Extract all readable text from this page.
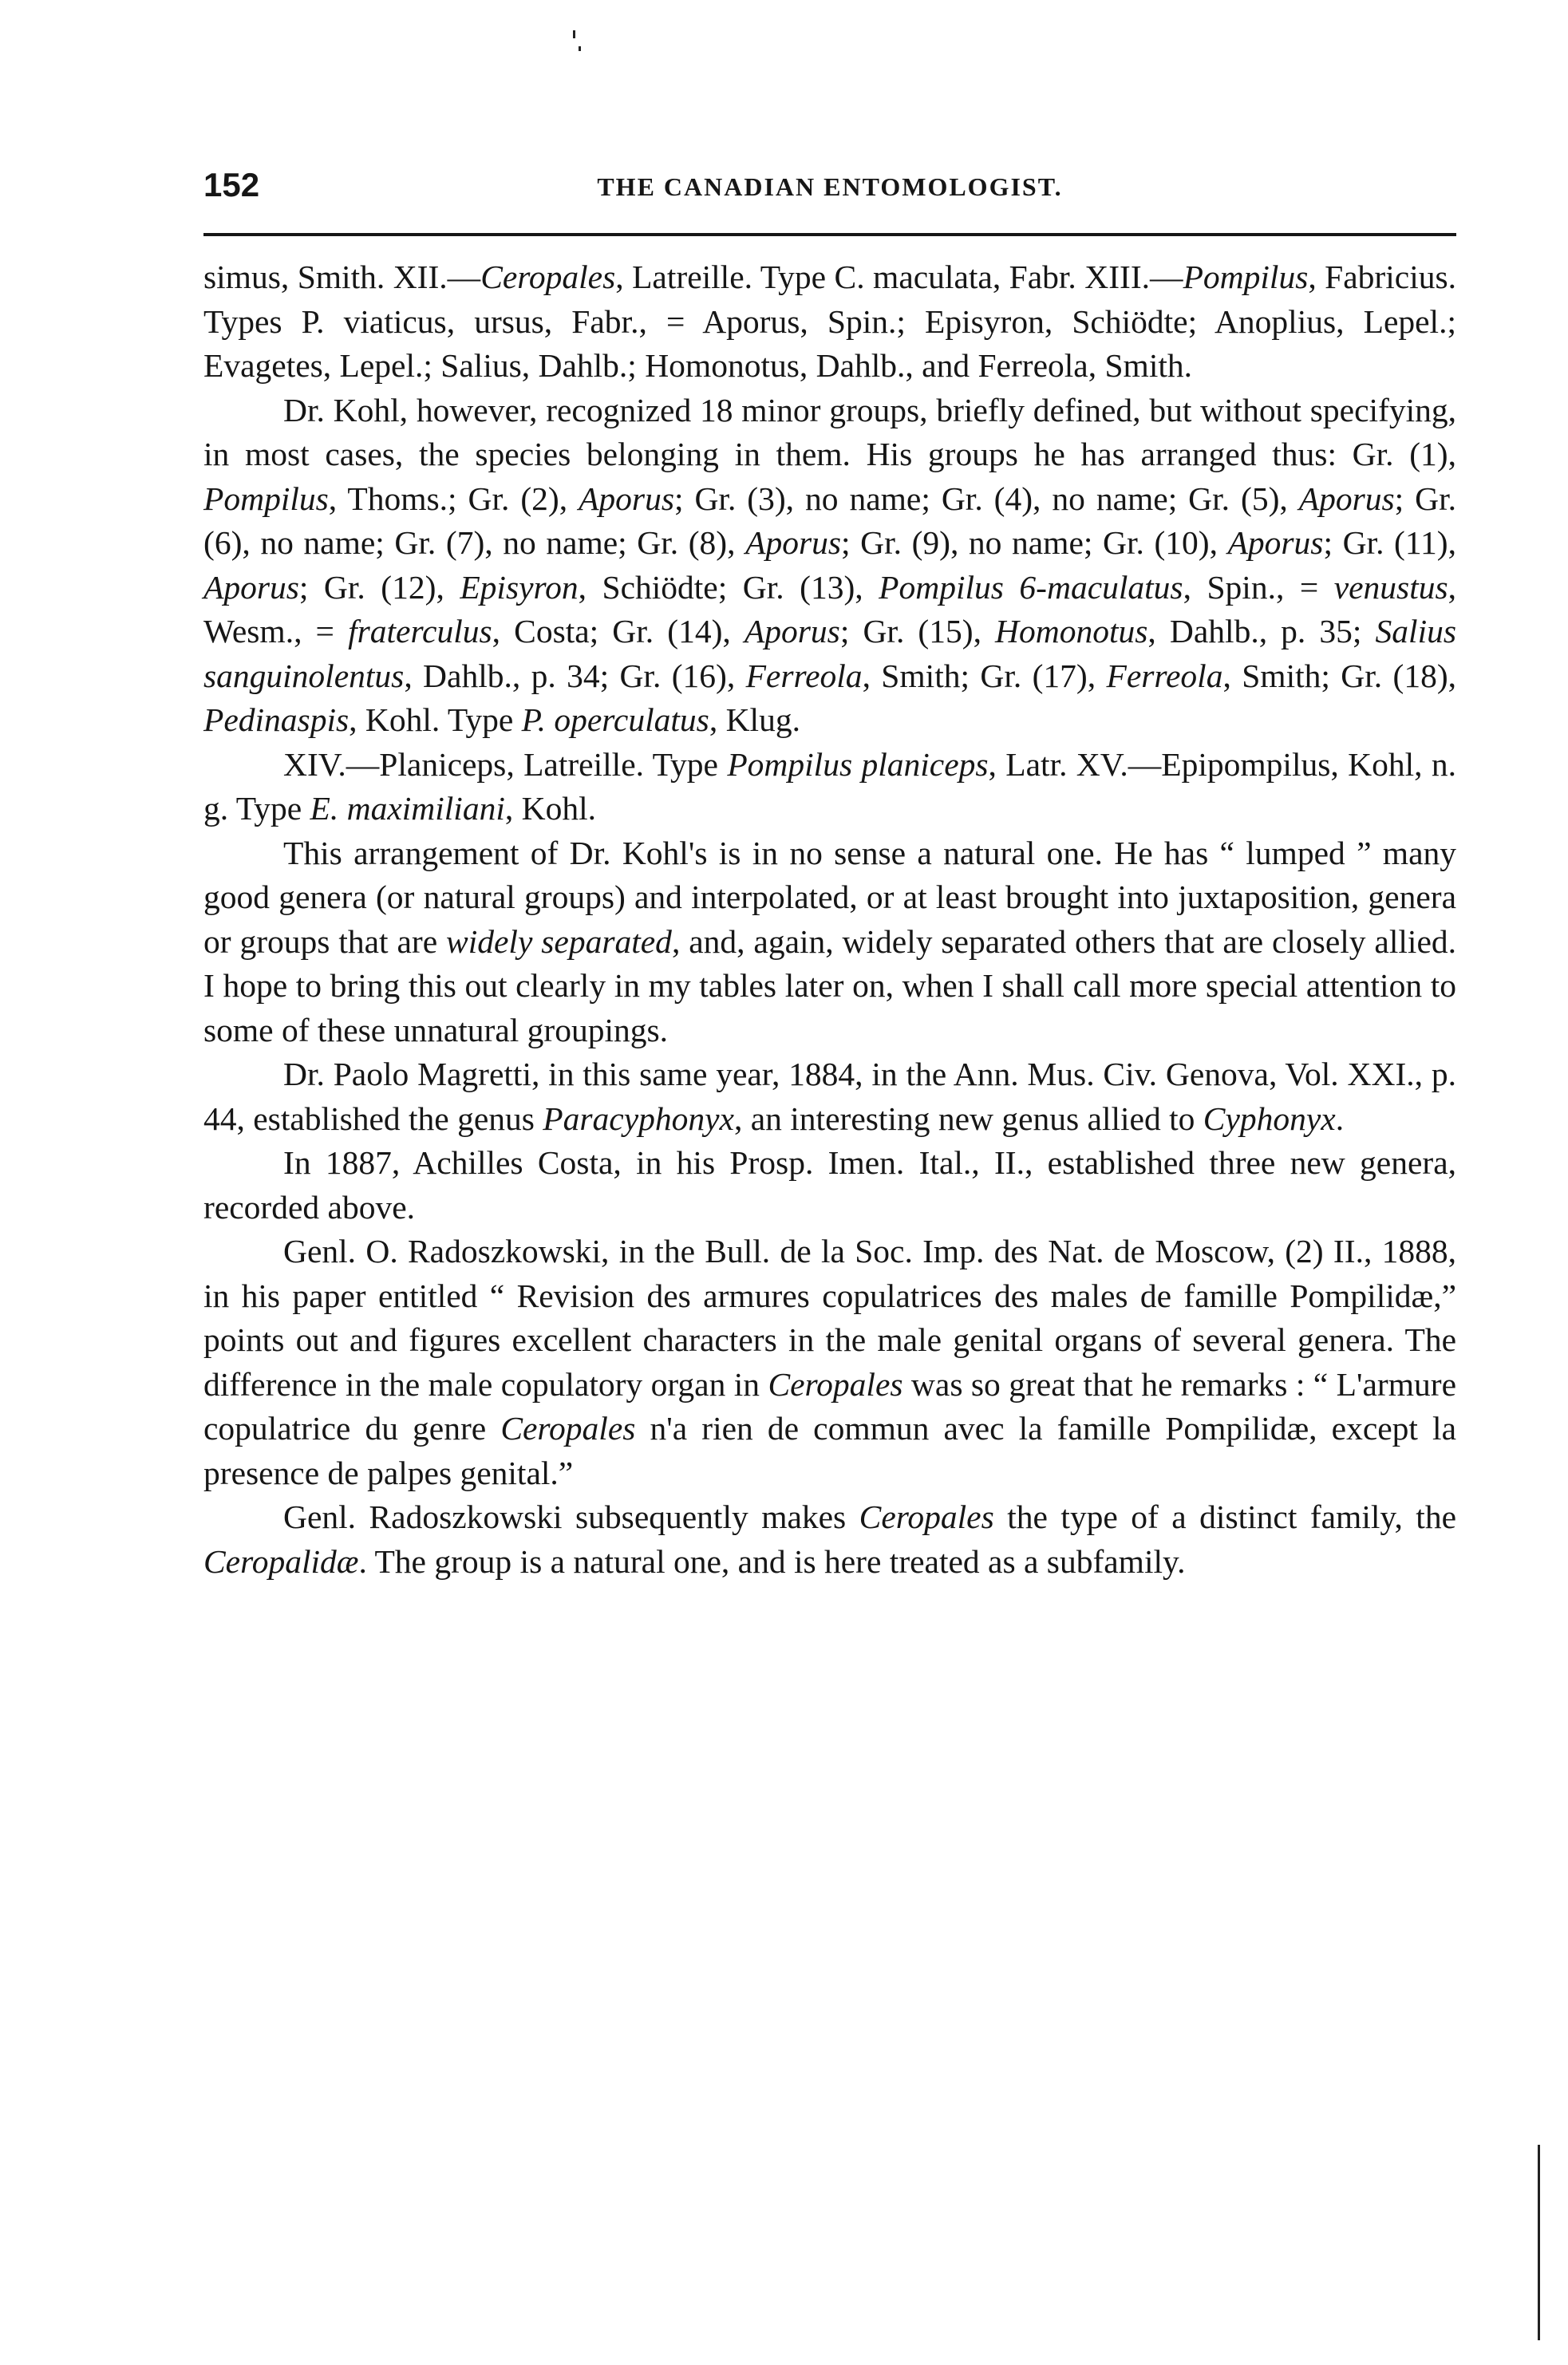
152	THE CANADIAN ENTOMOLOGIST.

simus, Smith. XII.—Ceropales, Latreille. Type C. maculata, Fabr. XIII.—Pompilus, Fabricius. Types P. viaticus, ursus, Fabr., = Aporus, Spin.; Episyron, Schiödte; Anoplius, Lepel.; Evagetes, Lepel.; Salius, Dahlb.; Homonotus, Dahlb., and Ferreola, Smith.

Dr. Kohl, however, recognized 18 minor groups, briefly defined, but without specifying, in most cases, the species belonging in them. His groups he has arranged thus: Gr. (1), Pompilus, Thoms.; Gr. (2), Aporus; Gr. (3), no name; Gr. (4), no name; Gr. (5), Aporus; Gr. (6), no name; Gr. (7), no name; Gr. (8), Aporus; Gr. (9), no name; Gr. (10), Aporus; Gr. (11), Aporus; Gr. (12), Episyron, Schiödte; Gr. (13), Pompilus 6-maculatus, Spin., = venustus, Wesm., = fraterculus, Costa; Gr. (14), Aporus; Gr. (15), Homonotus, Dahlb., p. 35; Salius sanguinolentus, Dahlb., p. 34; Gr. (16), Ferreola, Smith; Gr. (17), Ferreola, Smith; Gr. (18), Pedinaspis, Kohl. Type P. operculatus, Klug.

XIV.—Planiceps, Latreille. Type Pompilus planiceps, Latr. XV.—Epipompilus, Kohl, n. g. Type E. maximiliani, Kohl.

This arrangement of Dr. Kohl's is in no sense a natural one. He has “ lumped ” many good genera (or natural groups) and interpolated, or at least brought into juxtaposition, genera or groups that are widely separated, and, again, widely separated others that are closely allied. I hope to bring this out clearly in my tables later on, when I shall call more special attention to some of these unnatural groupings.

Dr. Paolo Magretti, in this same year, 1884, in the Ann. Mus. Civ. Genova, Vol. XXI., p. 44, established the genus Paracyphonyx, an interesting new genus allied to Cyphonyx.

In 1887, Achilles Costa, in his Prosp. Imen. Ital., II., established three new genera, recorded above.

Genl. O. Radoszkowski, in the Bull. de la Soc. Imp. des Nat. de Moscow, (2) II., 1888, in his paper entitled “ Revision des armures copulatrices des males de famille Pompilidæ,” points out and figures excellent characters in the male genital organs of several genera. The difference in the male copulatory organ in Ceropales was so great that he remarks : “ L'armure copulatrice du genre Ceropales n'a rien de commun avec la famille Pompilidæ, except la presence de palpes genital.”

Genl. Radoszkowski subsequently makes Ceropales the type of a distinct family, the Ceropalidæ. The group is a natural one, and is here treated as a subfamily.
